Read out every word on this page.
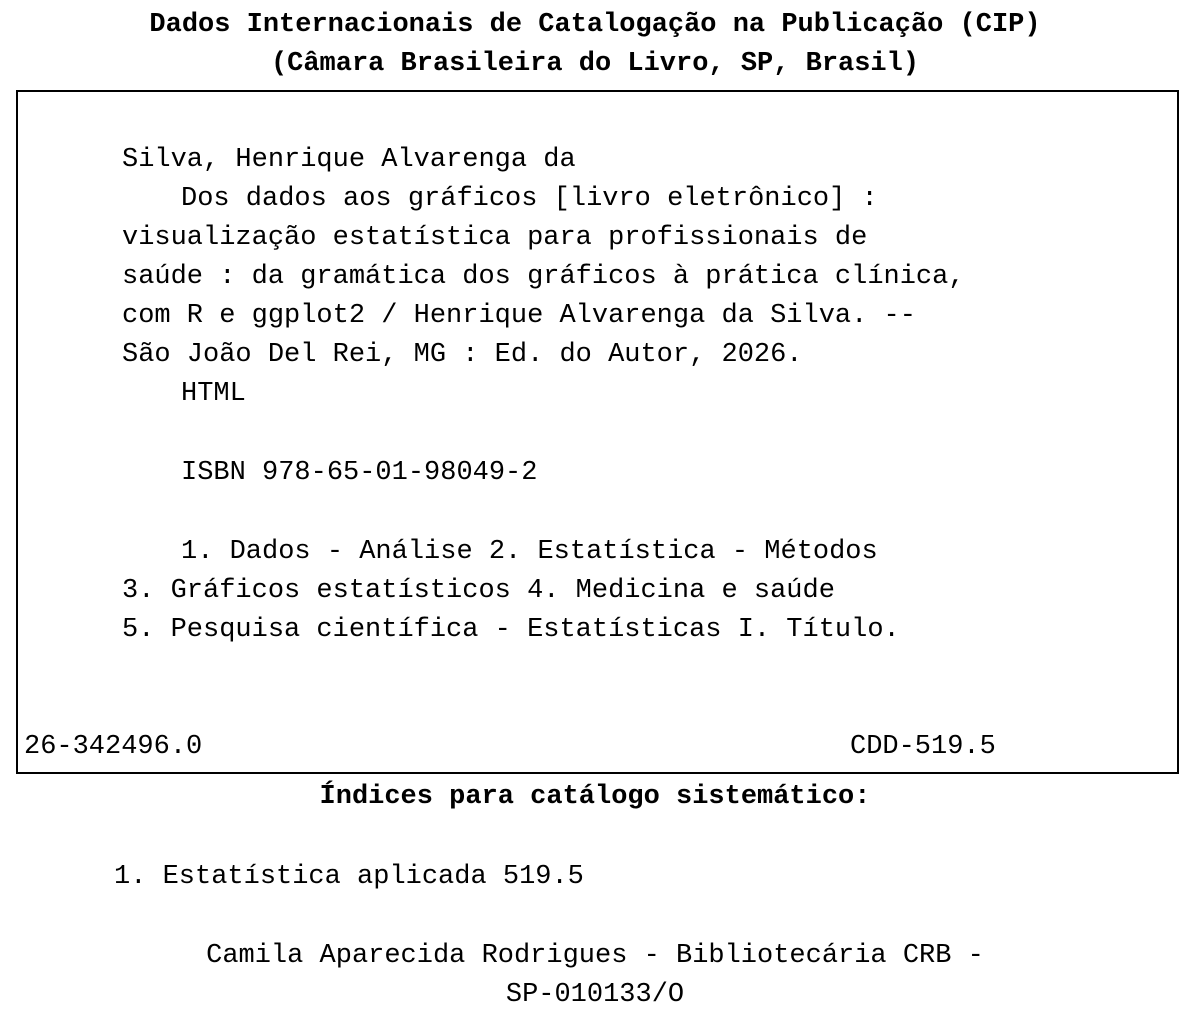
Dados Internacionais de Catalogação na Publicação (CIP)
(Câmara Brasileira do Livro, SP, Brasil)
Silva, Henrique Alvarenga da
Dos dados aos gráficos [livro eletrônico] :
visualização estatística para profissionais de
saúde : da gramática dos gráficos à prática clínica,
com R e ggplot2 / Henrique Alvarenga da Silva. --
São João Del Rei, MG : Ed. do Autor, 2026.
HTML
ISBN 978-65-01-98049-2
1. Dados - Análise 2. Estatística - Métodos
3. Gráficos estatísticos 4. Medicina e saúde
5. Pesquisa científica - Estatísticas I. Título.
26-342496.0	CDD-519.5
Índices para catálogo sistemático:
1. Estatística aplicada 519.5
Camila Aparecida Rodrigues - Bibliotecária CRB -
SP-010133/O
